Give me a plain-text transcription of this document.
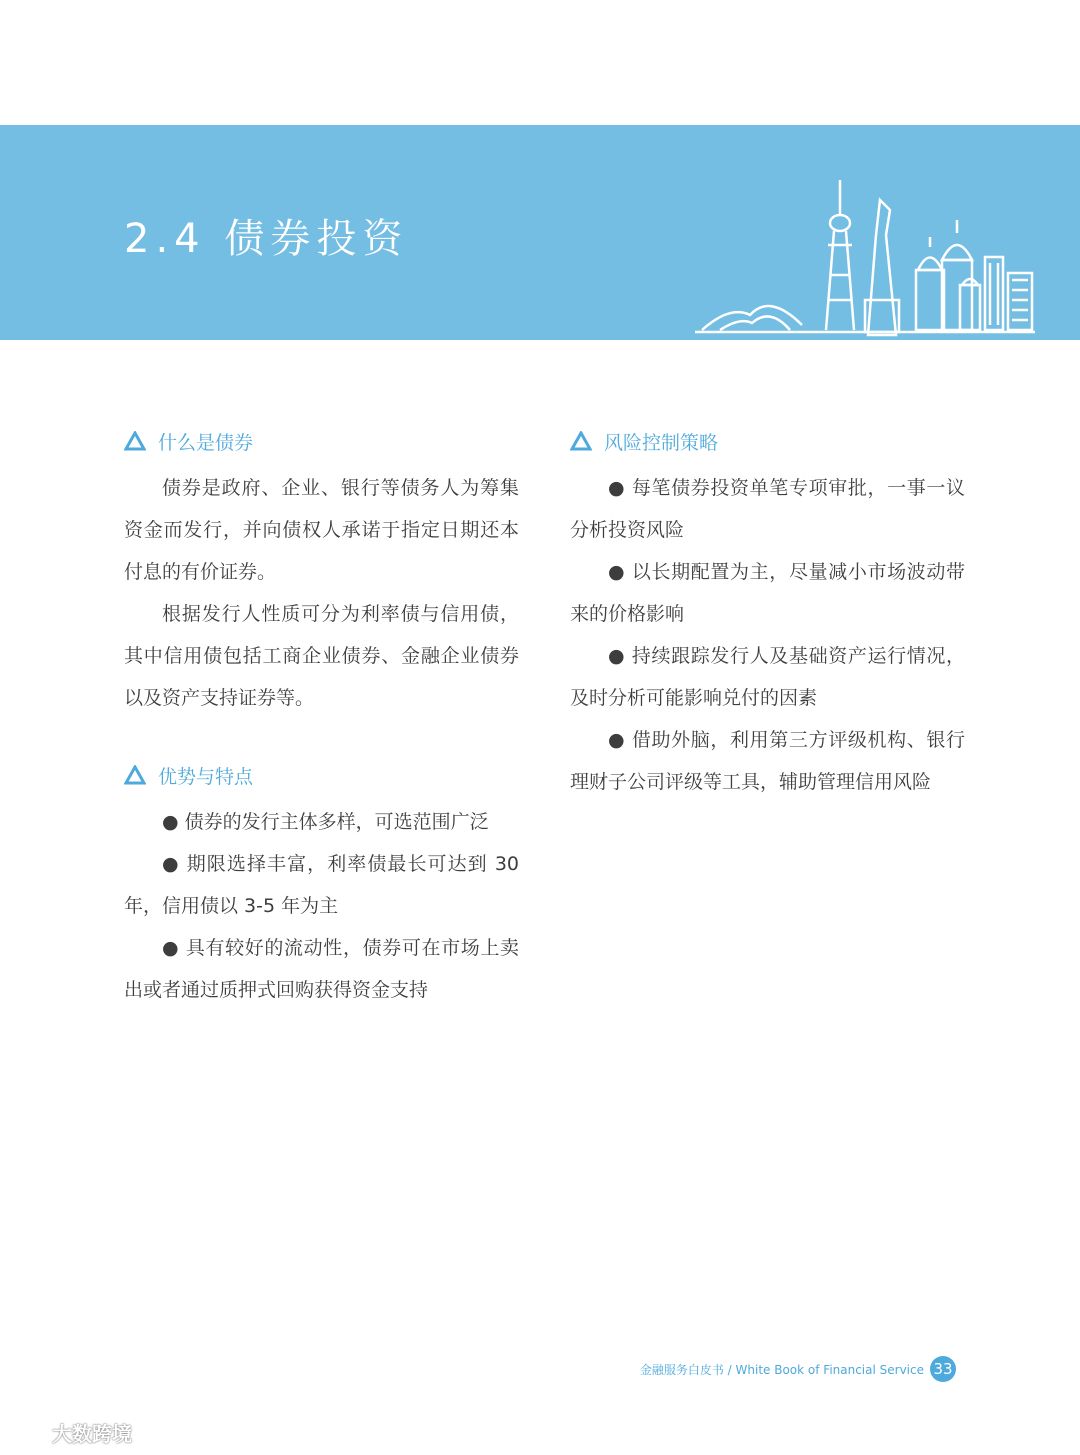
2.4 债券投资
什么是债券

债券是政府、企业、银行等债务人为筹集资金而发行，并向债权人承诺于指定日期还本付息的有价证券。

根据发行人性质可分为利率债与信用债，其中信用债包括工商企业债券、金融企业债券以及资产支持证券等。

优势与特点

● 债券的发行主体多样，可选范围广泛

● 期限选择丰富，利率债最长可达到 30 年，信用债以 3-5 年为主

● 具有较好的流动性，债券可在市场上卖出或者通过质押式回购获得资金支持

风险控制策略

● 每笔债券投资单笔专项审批，一事一议分析投资风险

● 以长期配置为主，尽量减小市场波动带来的价格影响

● 持续跟踪发行人及基础资产运行情况，及时分析可能影响兑付的因素

● 借助外脑，利用第三方评级机构、银行理财子公司评级等工具，辅助管理信用风险

金融服务白皮书 / White Book of Financial Service 33
大数跨境
